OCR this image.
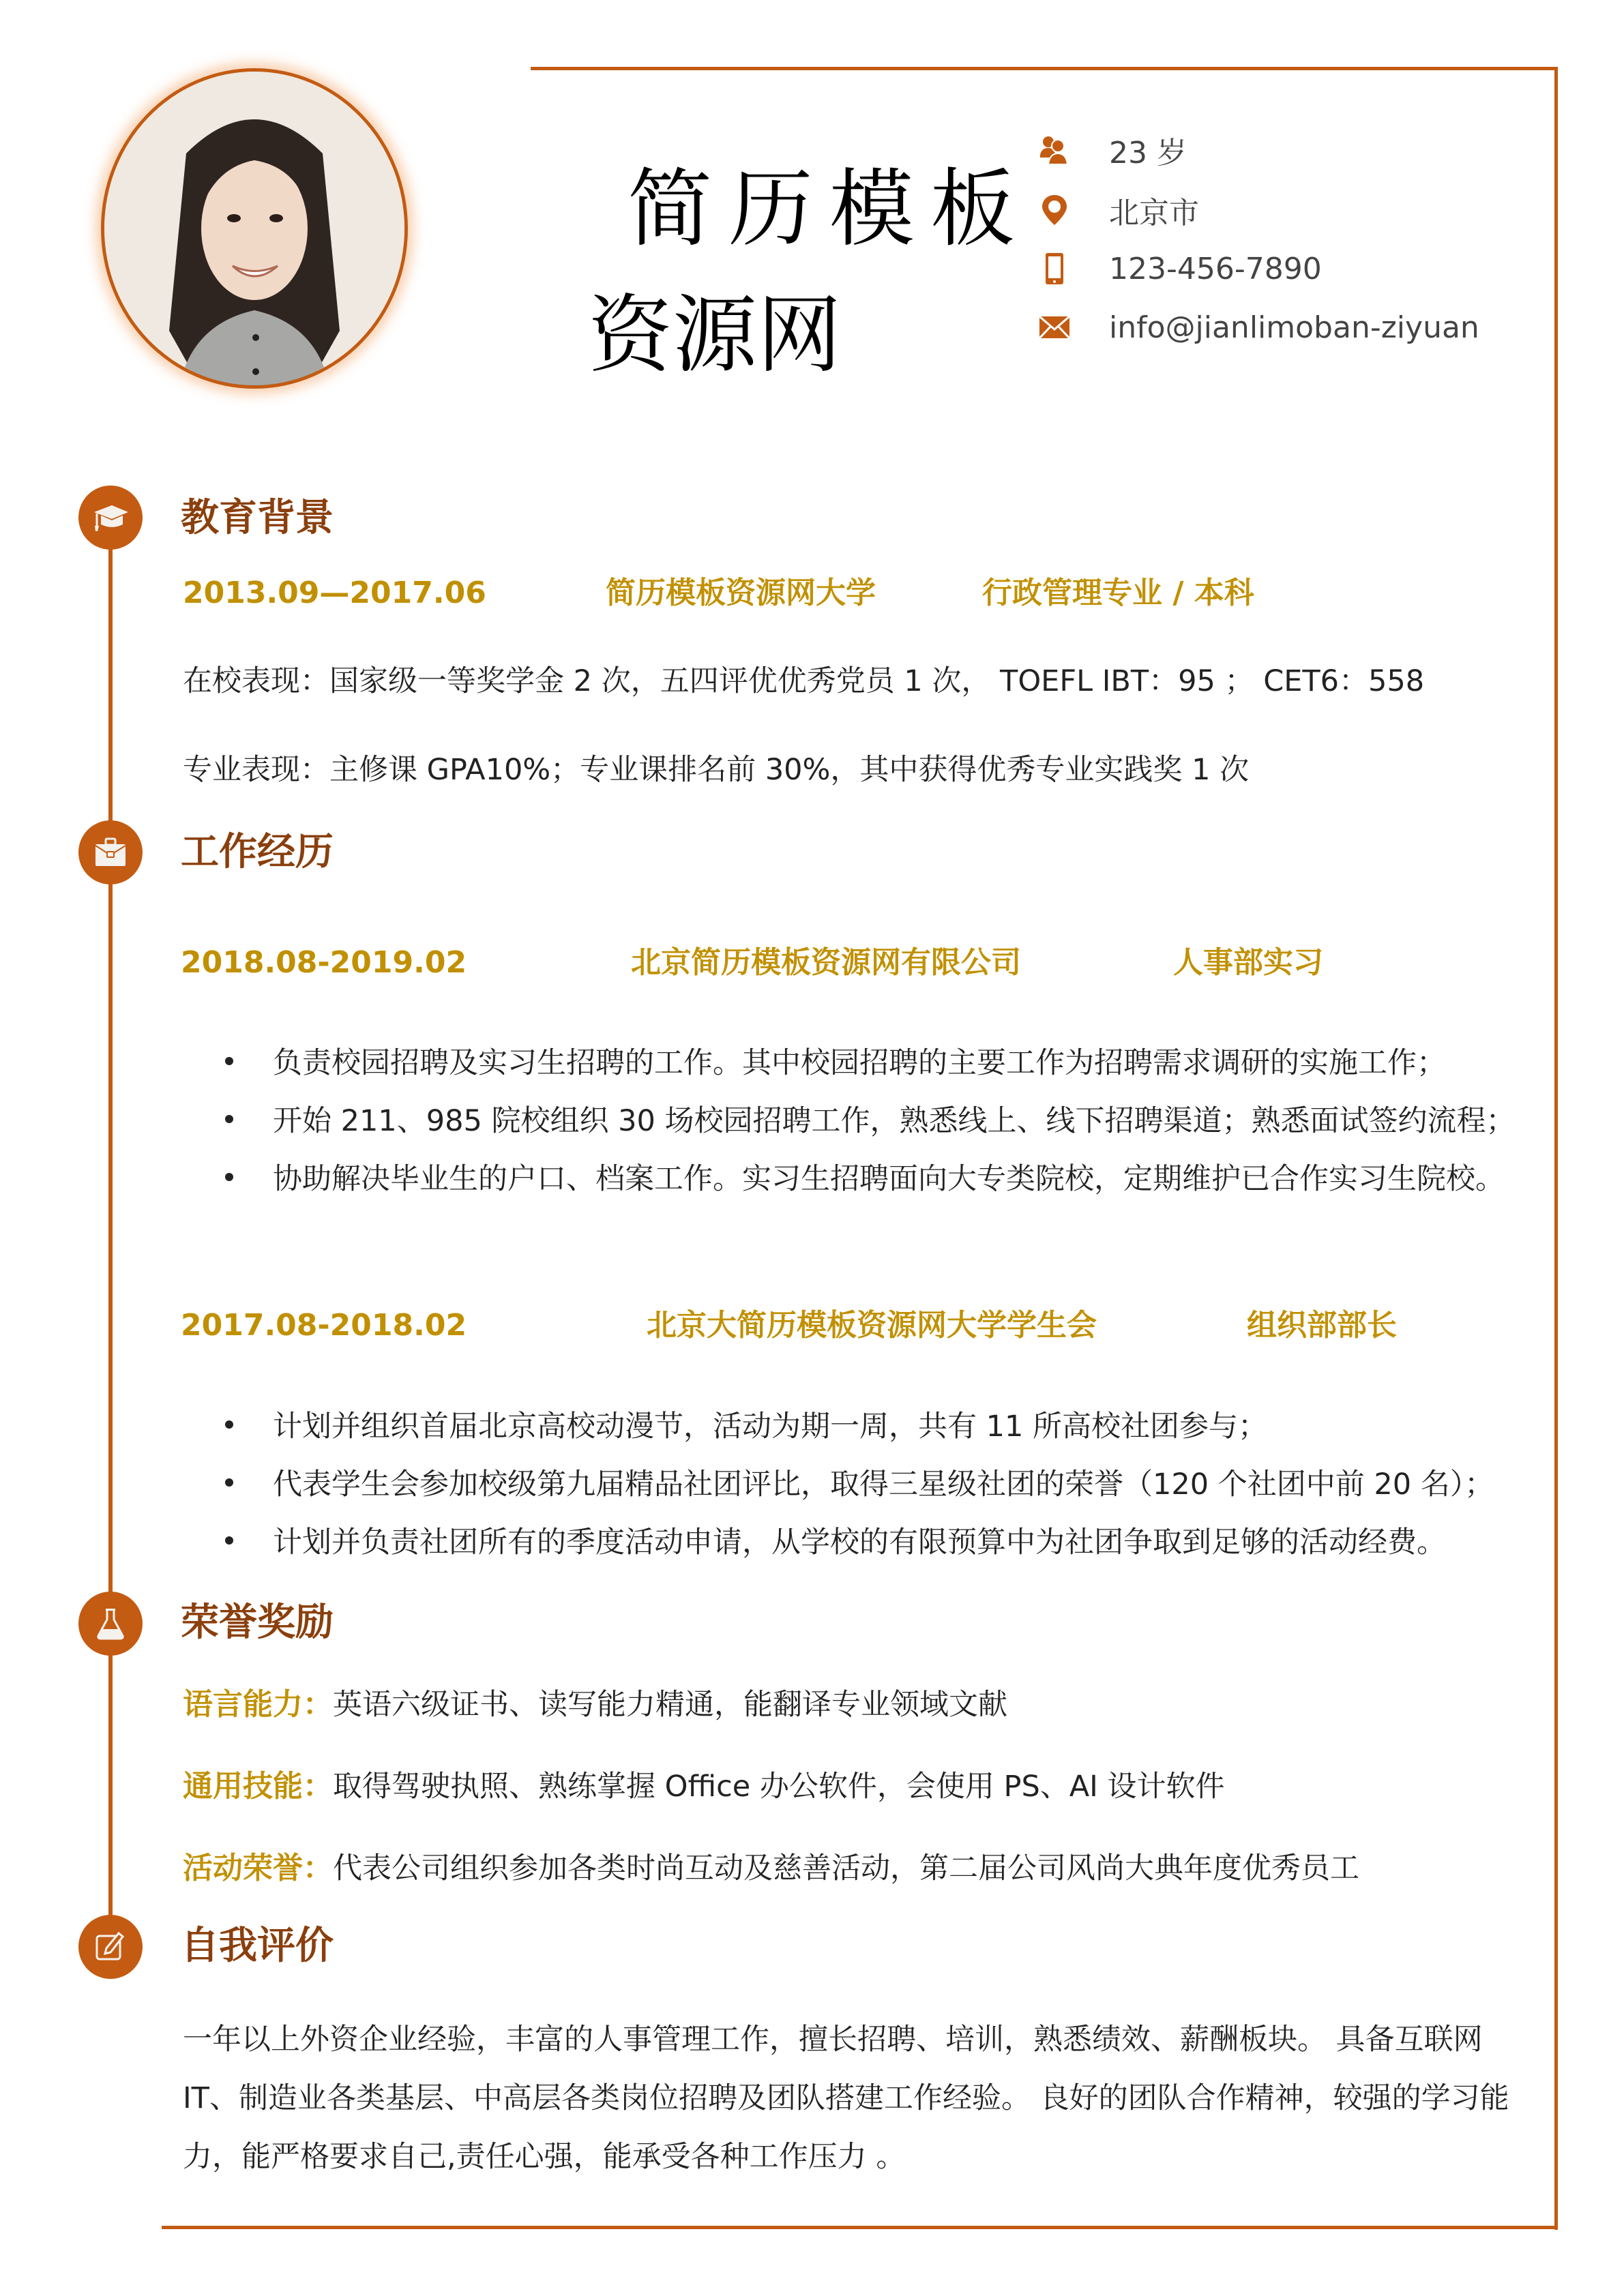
简历模板
资源网
23 岁
北京市
123-456-7890
info@jianlimoban-ziyuan
教育背景
2013.09—2017.06	简历模板资源网大学	行政管理专业 / 本科
在校表现：国家级一等奖学金 2 次，五四评优优秀党员 1 次， TOEFL IBT：95 ； CET6：558
专业表现：主修课 GPA10%；专业课排名前 30%，其中获得优秀专业实践奖 1 次
工作经历
2018.08-2019.02	北京简历模板资源网有限公司	人事部实习
负责校园招聘及实习生招聘的工作。其中校园招聘的主要工作为招聘需求调研的实施工作；
开始 211、985 院校组织 30 场校园招聘工作，熟悉线上、线下招聘渠道；熟悉面试签约流程；
协助解决毕业生的户口、档案工作。实习生招聘面向大专类院校，定期维护已合作实习生院校。
2017.08-2018.02	北京大简历模板资源网大学学生会	组织部部长
计划并组织首届北京高校动漫节，活动为期一周，共有 11 所高校社团参与；
代表学生会参加校级第九届精品社团评比，取得三星级社团的荣誉（120 个社团中前 20 名）；
计划并负责社团所有的季度活动申请，从学校的有限预算中为社团争取到足够的活动经费。
荣誉奖励
语言能力：英语六级证书、读写能力精通，能翻译专业领域文献
通用技能：取得驾驶执照、熟练掌握 Office 办公软件，会使用 PS、AI 设计软件
活动荣誉：代表公司组织参加各类时尚互动及慈善活动，第二届公司风尚大典年度优秀员工
自我评价
一年以上外资企业经验，丰富的人事管理工作，擅长招聘、培训，熟悉绩效、薪酬板块。 具备互联网 IT、制造业各类基层、中高层各类岗位招聘及团队搭建工作经验。 良好的团队合作精神，较强的学习能力，能严格要求自己,责任心强，能承受各种工作压力 。
